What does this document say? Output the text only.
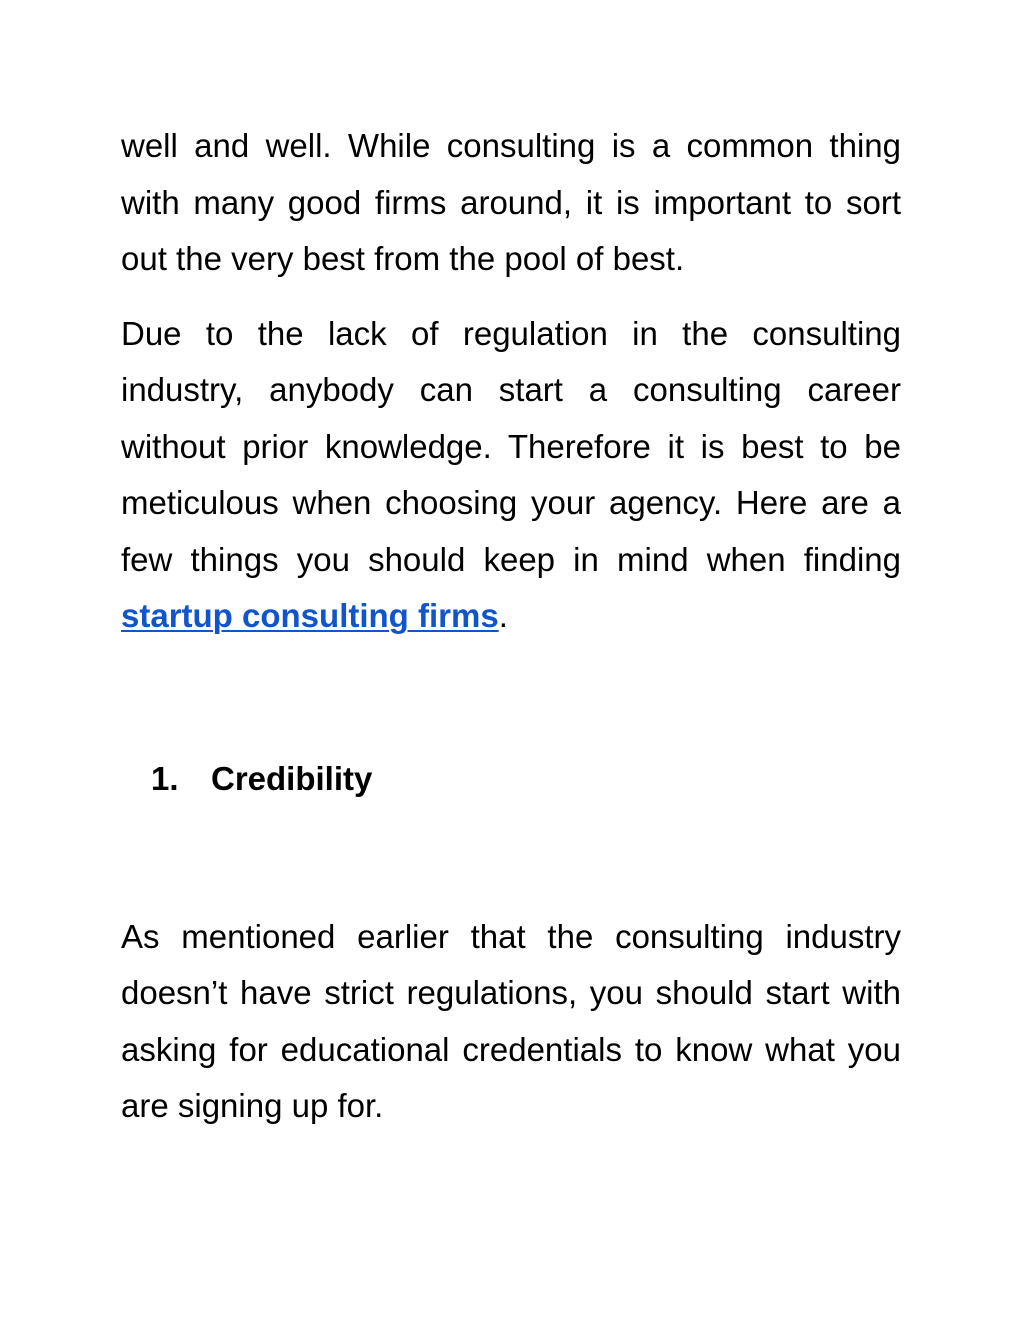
well and well. While consulting is a common thing with many good firms around, it is important to sort out the very best from the pool of best.

Due to the lack of regulation in the consulting industry, anybody can start a consulting career without prior knowledge. Therefore it is best to be meticulous when choosing your agency. Here are a few things you should keep in mind when finding startup consulting firms.

1. Credibility

As mentioned earlier that the consulting industry doesn’t have strict regulations, you should start with asking for educational credentials to know what you are signing up for.
